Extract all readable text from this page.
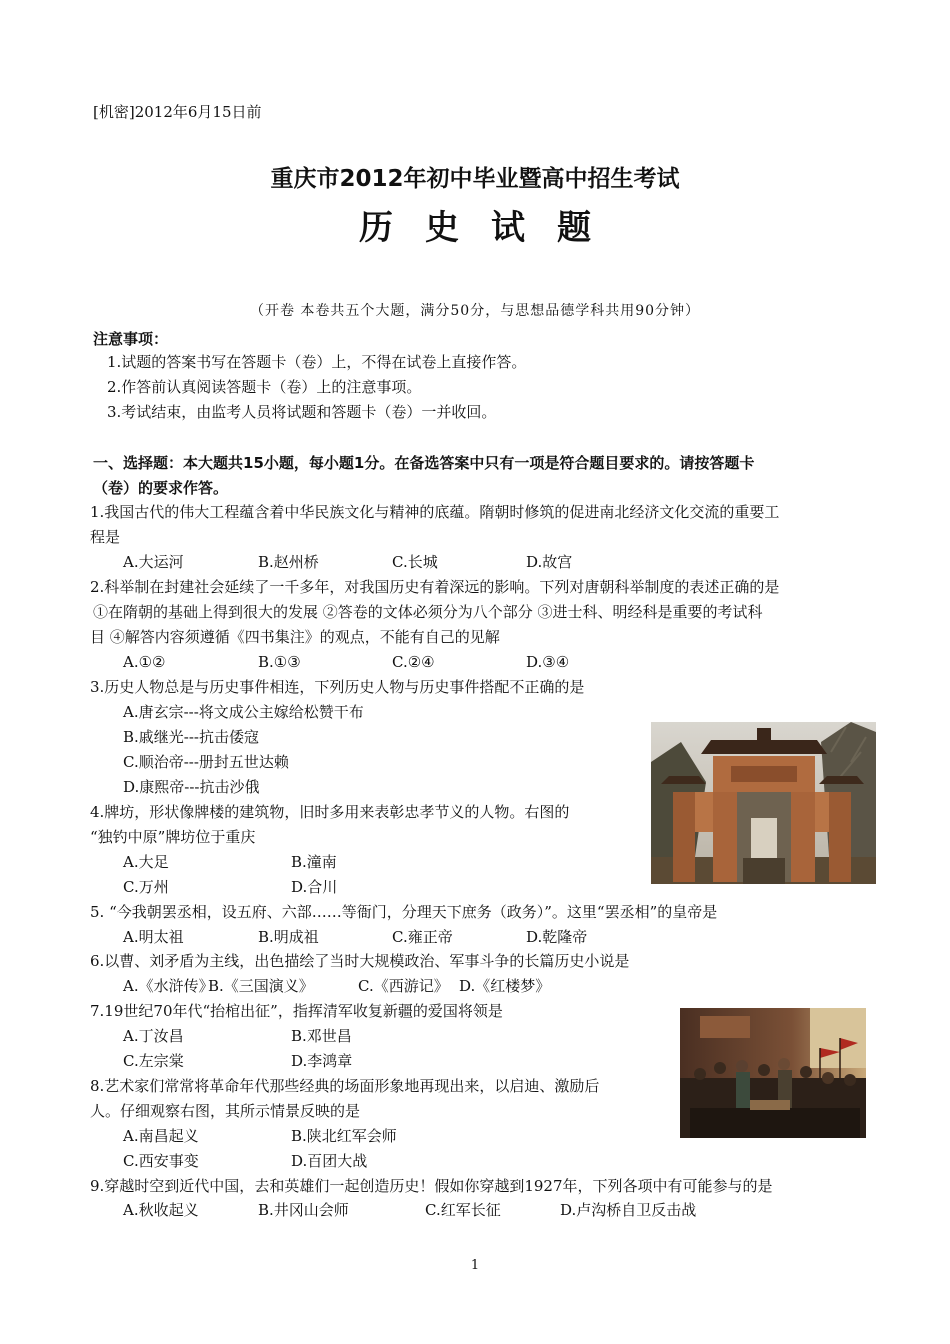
[机密]2012年6月15日前
重庆市2012年初中毕业暨高中招生考试
历史试题
（开卷 本卷共五个大题，满分50分，与思想品德学科共用90分钟）
注意事项：
1.试题的答案书写在答题卡（卷）上，不得在试卷上直接作答。
2.作答前认真阅读答题卡（卷）上的注意事项。
3.考试结束，由监考人员将试题和答题卡（卷）一并收回。
一、选择题：本大题共15小题，每小题1分。在备选答案中只有一项是符合题目要求的。请按答题卡
（卷）的要求作答。
1.我国古代的伟大工程蕴含着中华民族文化与精神的底蕴。隋朝时修筑的促进南北经济文化交流的重要工
程是
A.大运河	B.赵州桥	C.长城	D.故宫
2.科举制在封建社会延续了一千多年，对我国历史有着深远的影响。下列对唐朝科举制度的表述正确的是
①在隋朝的基础上得到很大的发展 ②答卷的文体必须分为八个部分 ③进士科、明经科是重要的考试科
目 ④解答内容须遵循《四书集注》的观点，不能有自己的见解
A.①②	B.①③	C.②④	D.③④
3.历史人物总是与历史事件相连，下列历史人物与历史事件搭配不正确的是
A.唐玄宗---将文成公主嫁给松赞干布
B.戚继光---抗击倭寇
C.顺治帝---册封五世达赖
D.康熙帝---抗击沙俄
4.牌坊，形状像牌楼的建筑物，旧时多用来表彰忠孝节义的人物。右图的
“独钓中原”牌坊位于重庆
A.大足	B.潼南
C.万州	D.合川
5. “今我朝罢丞相，设五府、六部……等衙门，分理天下庶务（政务）”。这里“罢丞相”的皇帝是
A.明太祖	B.明成祖	C.雍正帝	D.乾隆帝
6.以曹、刘矛盾为主线，出色描绘了当时大规模政治、军事斗争的长篇历史小说是
A.《水浒传》
B.《三国演义》	C.《西游记》 D.《红楼梦》
7.19世纪70年代“抬棺出征”，指挥清军收复新疆的爱国将领是
A.丁汝昌	B.邓世昌
C.左宗棠	D.李鸿章
8.艺术家们常常将革命年代那些经典的场面形象地再现出来，以启迪、激励后
人。仔细观察右图，其所示情景反映的是
A.南昌起义	B.陕北红军会师
C.西安事变	D.百团大战
9.穿越时空到近代中国，去和英雄们一起创造历史！假如你穿越到1927年，下列各项中有可能参与的是
A.秋收起义	B.井冈山会师	C.红军长征	D.卢沟桥自卫反击战
1
